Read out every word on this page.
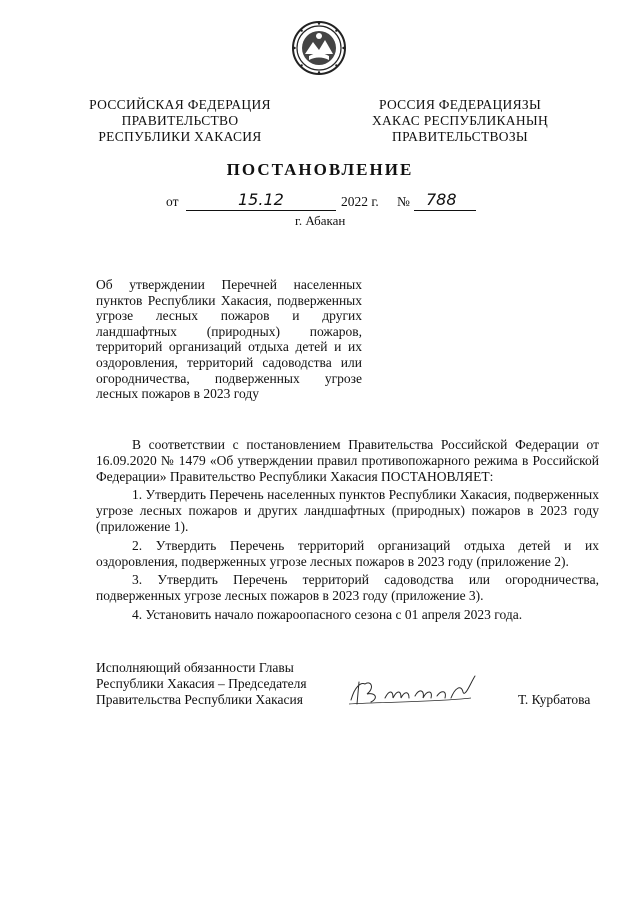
РОССИЙСКАЯ ФЕДЕРАЦИЯ
ПРАВИТЕЛЬСТВО
РЕСПУБЛИКИ ХАКАСИЯ
РОССИЯ ФЕДЕРАЦИЯЗЫ
ХАКАС РЕСПУБЛИКАНЫҢ
ПРАВИТЕЛЬСТВОЗЫ
ПОСТАНОВЛЕНИЕ
от	15.12	2022 г. № 788
г. Абакан
Об утверждении Перечней населенных пунктов Республики Хакасия, подверженных угрозе лесных пожаров и других ландшафтных (природных) пожаров, территорий организаций отдыха детей и их оздоровления, территорий садоводства или огородничества, подверженных угрозе лесных пожаров в 2023 году

В соответствии с постановлением Правительства Российской Федерации от 16.09.2020 № 1479 «Об утверждении правил противопожарного режима в Российской Федерации» Правительство Республики Хакасия ПОСТАНОВЛЯЕТ:

1. Утвердить Перечень населенных пунктов Республики Хакасия, подверженных угрозе лесных пожаров и других ландшафтных (природных) пожаров в 2023 году (приложение 1).

2. Утвердить Перечень территорий организаций отдыха детей и их оздоровления, подверженных угрозе лесных пожаров в 2023 году (приложение 2).

3. Утвердить Перечень территорий садоводства или огородничества, подверженных угрозе лесных пожаров в 2023 году (приложение 3).

4. Установить начало пожароопасного сезона с 01 апреля 2023 года.

Исполняющий обязанности Главы
Республики Хакасия – Председателя
Правительства Республики Хакасия	Т. Курбатова
